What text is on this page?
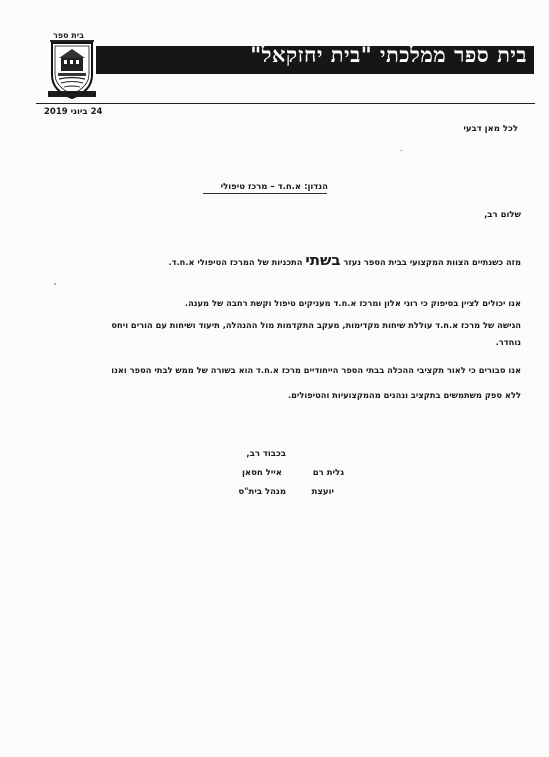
בית ספר ממלכתי "בית יחזקאל"
בית ספר
24 ביוני 2019
לכל מאן דבעי
הנדון: א.ח.ד – מרכז טיפולי
שלום רב,
מזה כשנתיים הצוות המקצועי בבית הספר נעזר בשתי התכניות של המרכז הטיפולי א.ח.ד.
אנו יכולים לציין בסיפוק כי רוני אלון ומרכז א.ח.ד מעניקים טיפול וקשת רחבה של מענה.
הגישה של מרכז א.ח.ד עוללת שיחות מקדימות, מעקב התקדמות מול ההנהלה, תיעוד ושיחות עם הורים ויחס
נוחדר.
אנו סבורים כי לאור תקציבי ההכלה בבתי הספר הייחודיים מרכז א.ח.ד הוא בשורה של ממש לבתי הספר ואנו
ללא ספק משתמשים בתקציב ונהנים מהמקצועיות והטיפולים.
בכבוד רב,
אייל חסאן	גלית רם
מנהל בית"ס	יועצת
